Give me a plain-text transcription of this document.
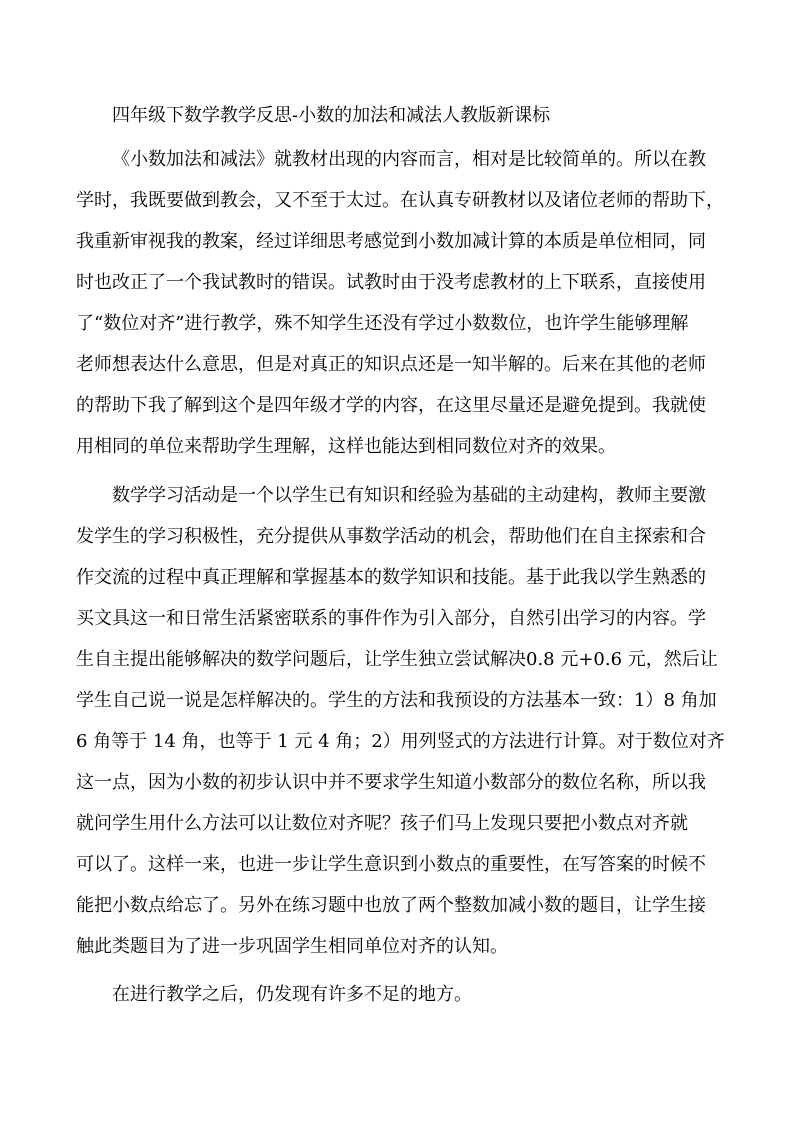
四年级下数学教学反思-小数的加法和减法人教版新课标
《小数加法和减法》就教材出现的内容而言，相对是比较简单的。所以在教
学时，我既要做到教会，又不至于太过。在认真专研教材以及诸位老师的帮助下，
我重新审视我的教案，经过详细思考感觉到小数加减计算的本质是单位相同，同
时也改正了一个我试教时的错误。试教时由于没考虑教材的上下联系，直接使用
了“数位对齐”进行教学，殊不知学生还没有学过小数数位，也许学生能够理解
老师想表达什么意思，但是对真正的知识点还是一知半解的。后来在其他的老师
的帮助下我了解到这个是四年级才学的内容，在这里尽量还是避免提到。我就使
用相同的单位来帮助学生理解，这样也能达到相同数位对齐的效果。
数学学习活动是一个以学生已有知识和经验为基础的主动建构，教师主要激
发学生的学习积极性，充分提供从事数学活动的机会，帮助他们在自主探索和合
作交流的过程中真正理解和掌握基本的数学知识和技能。基于此我以学生熟悉的
买文具这一和日常生活紧密联系的事件作为引入部分，自然引出学习的内容。学
生自主提出能够解决的数学问题后，让学生独立尝试解决0.8 元+0.6 元，然后让
学生自己说一说是怎样解决的。学生的方法和我预设的方法基本一致：1）8 角加
6 角等于 14 角，也等于 1 元 4 角；2）用列竖式的方法进行计算。对于数位对齐
这一点，因为小数的初步认识中并不要求学生知道小数部分的数位名称，所以我
就问学生用什么方法可以让数位对齐呢？孩子们马上发现只要把小数点对齐就
可以了。这样一来，也进一步让学生意识到小数点的重要性，在写答案的时候不
能把小数点给忘了。另外在练习题中也放了两个整数加减小数的题目，让学生接
触此类题目为了进一步巩固学生相同单位对齐的认知。
在进行教学之后，仍发现有许多不足的地方。
